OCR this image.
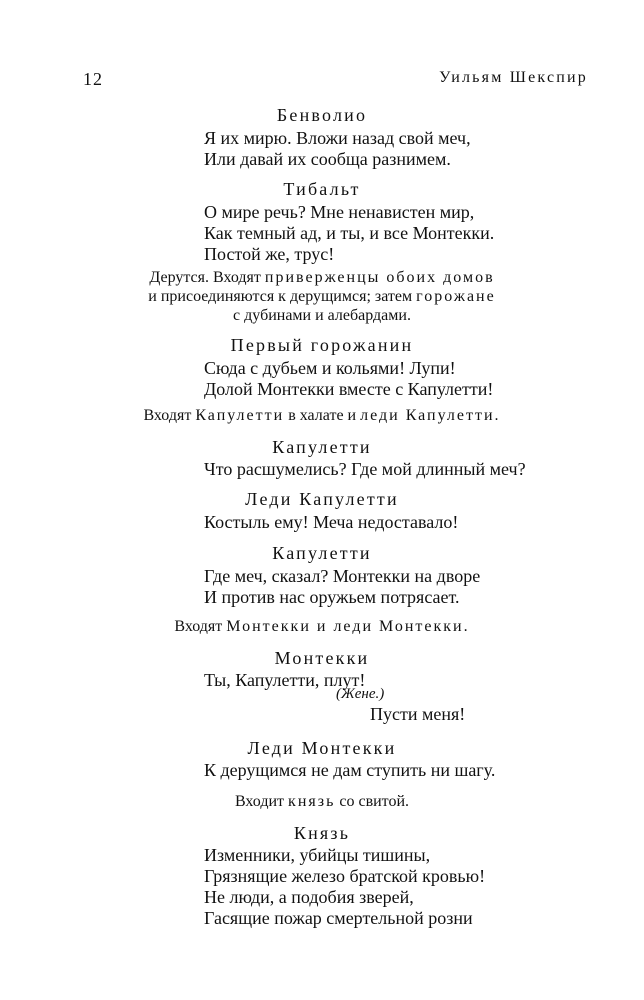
12	Уильям Шекспир
Бенволио
Я их мирю. Вложи назад свой меч,
Или давай их сообща разнимем.
Тибальт
О мире речь? Мне ненавистен мир,
Как темный ад, и ты, и все Монтекки.
Постой же, трус!
Дерутся. Входят приверженцы обоих домов
и присоединяются к дерущимся; затем горожане
с дубинами и алебардами.
Первый горожанин
Сюда с дубьем и кольями! Лупи!
Долой Монтекки вместе с Капулетти!
Входят Капулетти в халате и леди Капулетти.
Капулетти
Что расшумелись? Где мой длинный меч?
Леди Капулетти
Костыль ему! Меча недоставало!
Капулетти
Где меч, сказал? Монтекки на дворе
И против нас оружьем потрясает.
Входят Монтекки и леди Монтекки.
Монтекки
Ты, Капулетти, плут!
(Жене.)
Пусти меня!
Леди Монтекки
К дерущимся не дам ступить ни шагу.
Входит князь со свитой.
Князь
Изменники, убийцы тишины,
Грязнящие железо братской кровью!
Не люди, а подобия зверей,
Гасящие пожар смертельной розни
